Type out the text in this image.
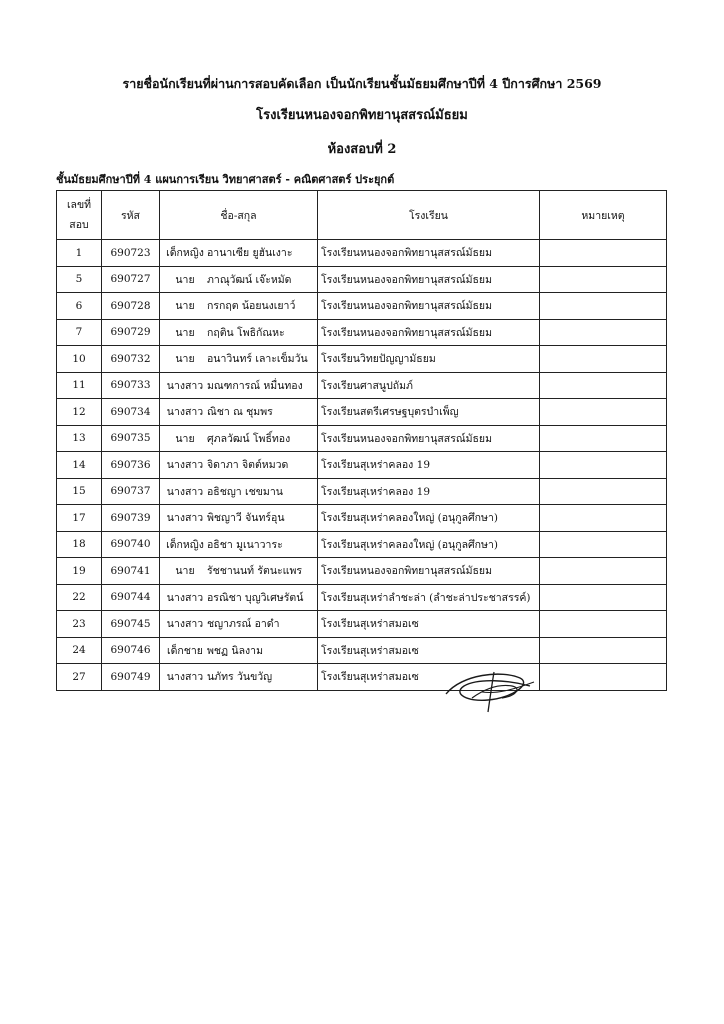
รายชื่อนักเรียนที่ผ่านการสอบคัดเลือก เป็นนักเรียนชั้นมัธยมศึกษาปีที่ 4 ปีการศึกษา 2569
โรงเรียนหนองจอกพิทยานุสสรณ์มัธยม
ห้องสอบที่ 2
ชั้นมัธยมศึกษาปีที่ 4 แผนการเรียน วิทยาศาสตร์ - คณิตศาสตร์ ประยุกต์
เลขที่สอบ	รหัส	ชื่อ-สกุล	โรงเรียน	หมายเหตุ
1	690723	เด็กหญิง อานาเซีย ยูฮันเงาะ	โรงเรียนหนองจอกพิทยานุสสรณ์มัธยม	
5	690727	นาย ภาณุวัฒน์ เจ๊ะหมัด	โรงเรียนหนองจอกพิทยานุสสรณ์มัธยม	
6	690728	นาย กรกฤต น้อยนงเยาว์	โรงเรียนหนองจอกพิทยานุสสรณ์มัธยม	
7	690729	นาย กฤติน โพธิกัณหะ	โรงเรียนหนองจอกพิทยานุสสรณ์มัธยม	
10	690732	นาย อนาวินทร์ เลาะเข็มวัน	โรงเรียนวิทยปัญญามัธยม	
11	690733	นางสาว มณฑการณ์ หมื่นทอง	โรงเรียนศาสนูปถัมภ์	
12	690734	นางสาว ณิชา ณ ชุมพร	โรงเรียนสตรีเศรษฐบุตรบำเพ็ญ	
13	690735	นาย ศุภลวัฒน์ โพธิ์ทอง	โรงเรียนหนองจอกพิทยานุสสรณ์มัธยม	
14	690736	นางสาว จิดาภา จิตต์หมวด	โรงเรียนสุเหร่าคลอง 19	
15	690737	นางสาว อธิชญา เชขมาน	โรงเรียนสุเหร่าคลอง 19	
17	690739	นางสาว พิชญาวี จันทร์อุน	โรงเรียนสุเหร่าคลองใหญ่ (อนุกูลศึกษา)	
18	690740	เด็กหญิง อธิชา มูเนาวาระ	โรงเรียนสุเหร่าคลองใหญ่ (อนุกูลศึกษา)	
19	690741	นาย รัชชานนท์ รัตนะแพร	โรงเรียนหนองจอกพิทยานุสสรณ์มัธยม	
22	690744	นางสาว อรณิชา บุญวิเศษรัตน์	โรงเรียนสุเหร่าลำชะล่า (ลำชะล่าประชาสรรค์)	
23	690745	นางสาว ชญาภรณ์ อาดำ	โรงเรียนสุเหร่าสมอเซ	
24	690746	เด็กชาย พชฏ นิลงาม	โรงเรียนสุเหร่าสมอเซ	
27	690749	นางสาว นภัทร วันขวัญ	โรงเรียนสุเหร่าสมอเซ	
